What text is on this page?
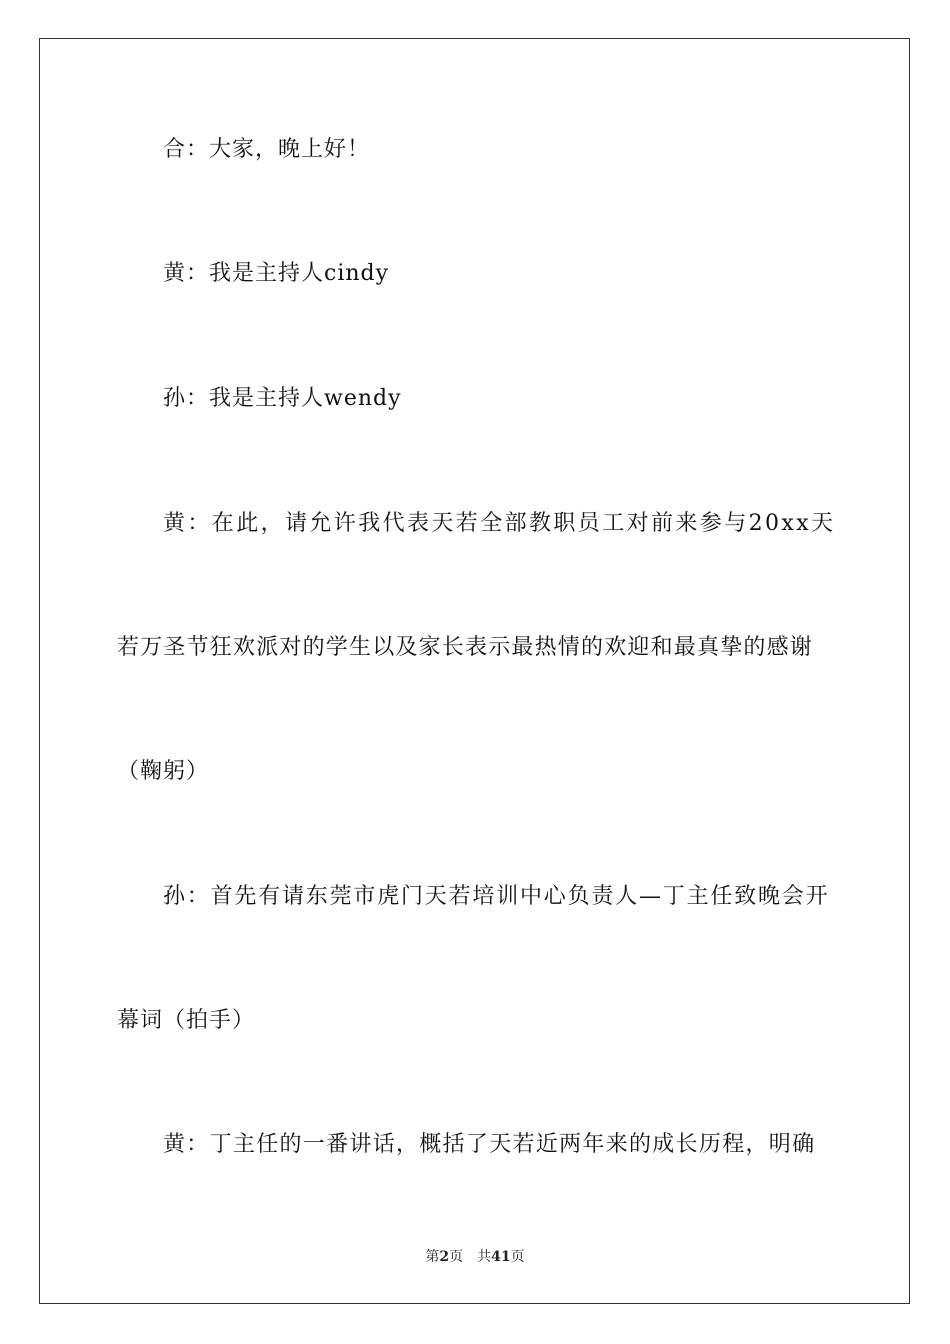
合：大家，晚上好！
黄：我是主持人cindy
孙：我是主持人wendy
黄：在此，请允许我代表天若全部教职员工对前来参与20xx天
若万圣节狂欢派对的学生以及家长表示最热情的欢迎和最真挚的感谢
（鞠躬）
孙：首先有请东莞市虎门天若培训中心负责人—丁主任致晚会开
幕词（拍手）
黄：丁主任的一番讲话，概括了天若近两年来的成长历程，明确
第2页 共41页
